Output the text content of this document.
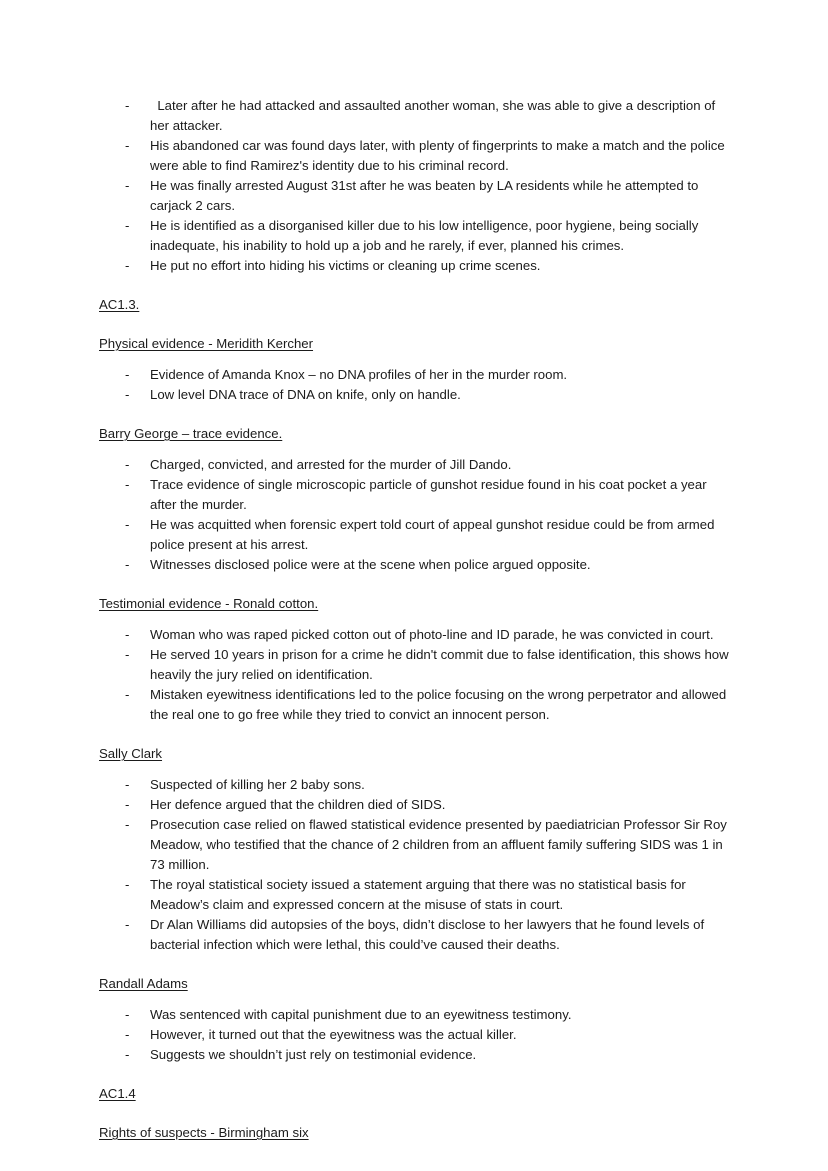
- Later after he had attacked and assaulted another woman, she was able to give a description of her attacker.
- His abandoned car was found days later, with plenty of fingerprints to make a match and the police were able to find Ramirez's identity due to his criminal record.
- He was finally arrested August 31st after he was beaten by LA residents while he attempted to carjack 2 cars.
- He is identified as a disorganised killer due to his low intelligence, poor hygiene, being socially inadequate, his inability to hold up a job and he rarely, if ever, planned his crimes.
- He put no effort into hiding his victims or cleaning up crime scenes.
AC1.3.
Physical evidence - Meridith Kercher
- Evidence of Amanda Knox – no DNA profiles of her in the murder room.
- Low level DNA trace of DNA on knife, only on handle.
Barry George – trace evidence.
- Charged, convicted, and arrested for the murder of Jill Dando.
- Trace evidence of single microscopic particle of gunshot residue found in his coat pocket a year after the murder.
- He was acquitted when forensic expert told court of appeal gunshot residue could be from armed police present at his arrest.
- Witnesses disclosed police were at the scene when police argued opposite.
Testimonial evidence - Ronald cotton.
- Woman who was raped picked cotton out of photo-line and ID parade, he was convicted in court.
- He served 10 years in prison for a crime he didn't commit due to false identification, this shows how heavily the jury relied on identification.
- Mistaken eyewitness identifications led to the police focusing on the wrong perpetrator and allowed the real one to go free while they tried to convict an innocent person.
Sally Clark
- Suspected of killing her 2 baby sons.
- Her defence argued that the children died of SIDS.
- Prosecution case relied on flawed statistical evidence presented by paediatrician Professor Sir Roy Meadow, who testified that the chance of 2 children from an affluent family suffering SIDS was 1 in 73 million.
- The royal statistical society issued a statement arguing that there was no statistical basis for Meadow’s claim and expressed concern at the misuse of stats in court.
- Dr Alan Williams did autopsies of the boys, didn’t disclose to her lawyers that he found levels of bacterial infection which were lethal, this could’ve caused their deaths.
Randall Adams
- Was sentenced with capital punishment due to an eyewitness testimony.
- However, it turned out that the eyewitness was the actual killer.
- Suggests we shouldn’t just rely on testimonial evidence.
AC1.4
Rights of suspects - Birmingham six
